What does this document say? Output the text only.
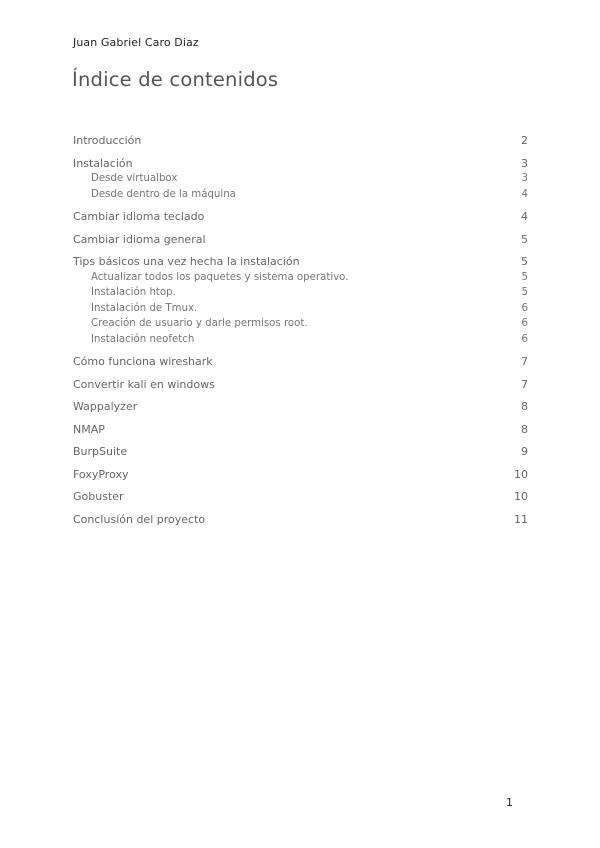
Juan Gabriel Caro Diaz
Índice de contenidos
Introducción	2
Instalación	3
Desde virtualbox	3
Desde dentro de la máquina	4
Cambiar idioma teclado	4
Cambiar idioma general	5
Tips básicos una vez hecha la instalación	5
Actualizar todos los paquetes y sistema operativo.	5
Instalación htop.	5
Instalación de Tmux.	6
Creación de usuario y darle permisos root.	6
Instalación neofetch	6
Cómo funciona wireshark	7
Convertir kali en windows	7
Wappalyzer	8
NMAP	8
BurpSuite	9
FoxyProxy	10
Gobuster	10
Conclusión del proyecto	11
1
